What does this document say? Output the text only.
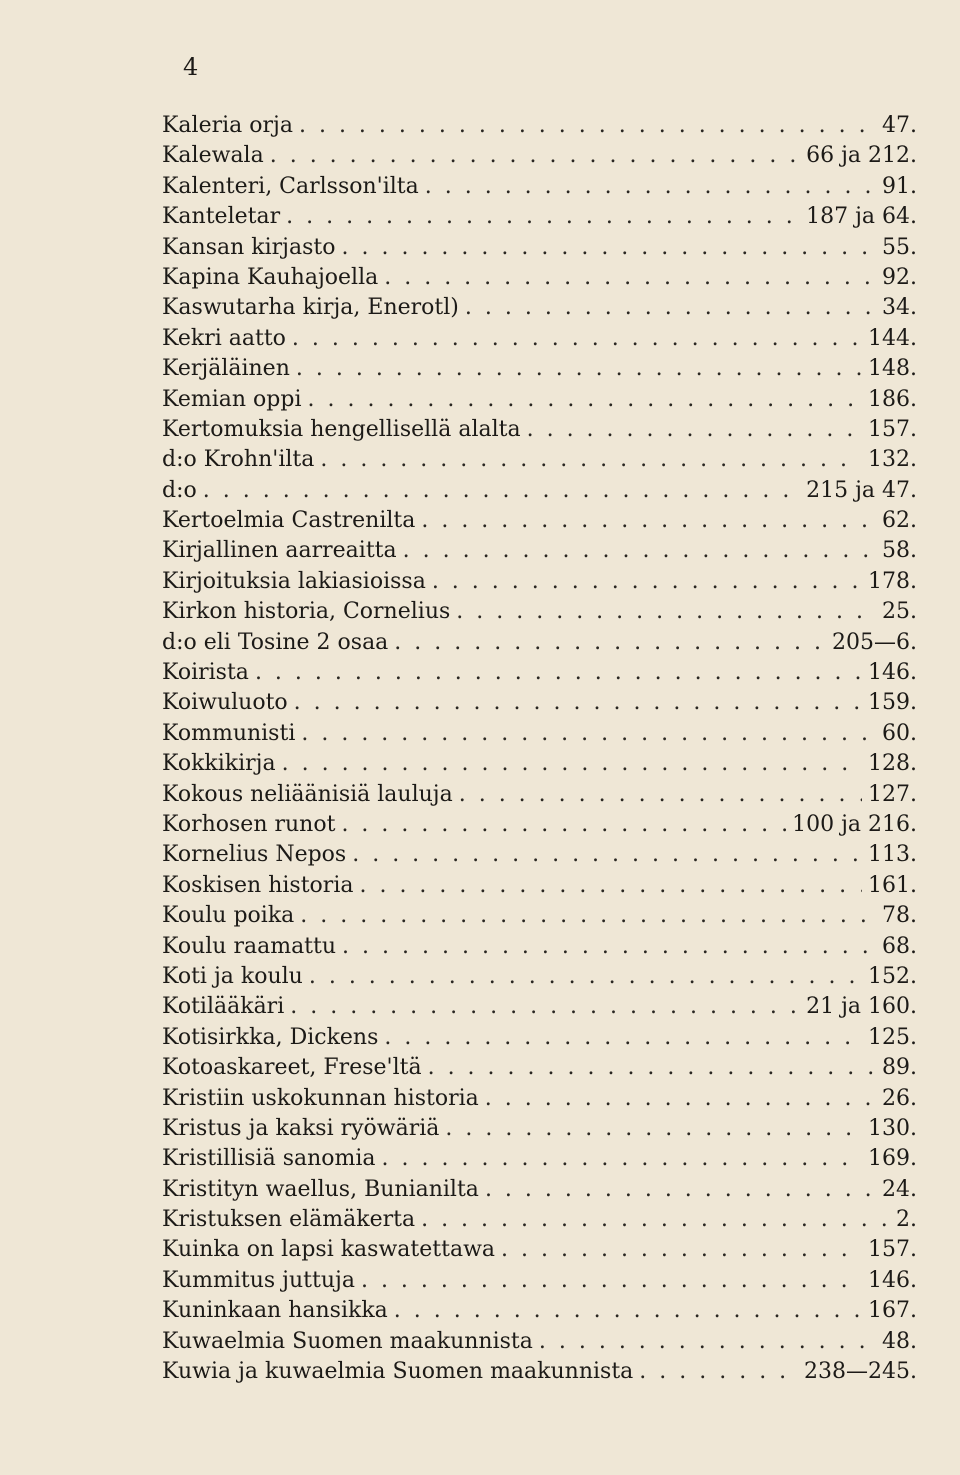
4
Kaleria orja . . .	47.
Kalewala . . .	66 ja 212.
Kalenteri, Carlsson'ilta . . .	91.
Kanteletar . . .	187 ja 64.
Kansan kirjasto . . .	55.
Kapina Kauhajoella . . .	92.
Kaswutarha kirja, Enerotl) . . .	34.
Kekri aatto . . .	144.
Kerjäläinen . . .	148.
Kemian oppi . . .	186.
Kertomuksia hengellisellä alalta . . .	157.
d:o Krohn'ilta . . .	132.
d:o . . .	215 ja 47.
Kertoelmia Castrenilta . . .	62.
Kirjallinen aarreaitta . . .	58.
Kirjoituksia lakiasioissa . . .	178.
Kirkon historia, Cornelius . . .	25.
d:o eli Tosine 2 osaa . . .	205—6.
Koirista . . .	146.
Koiwuluoto . . .	159.
Kommunisti . . .	60.
Kokkikirja . . .	128.
Kokous neliäänisiä lauluja . . .	127.
Korhosen runot . . .	100 ja 216.
Kornelius Nepos . . .	113.
Koskisen historia . . .	161.
Koulu poika . . .	78.
Koulu raamattu . . .	68.
Koti ja koulu . . .	152.
Kotilääkäri . . .	21 ja 160.
Kotisirkka, Dickens . . .	125.
Kotoaskareet, Frese'ltä . . .	89.
Kristiin uskokunnan historia . . .	26.
Kristus ja kaksi ryöwäriä . . .	130.
Kristillisiä sanomia . . .	169.
Kristityn waellus, Bunianilta . . .	24.
Kristuksen elämäkerta . . .	2.
Kuinka on lapsi kaswatettawa . . .	157.
Kummitus juttuja . . .	146.
Kuninkaan hansikka . . .	167.
Kuwaelmia Suomen maakunnista . . .	48.
Kuwia ja kuwaelmia Suomen maakunnista . . .	238—245.
